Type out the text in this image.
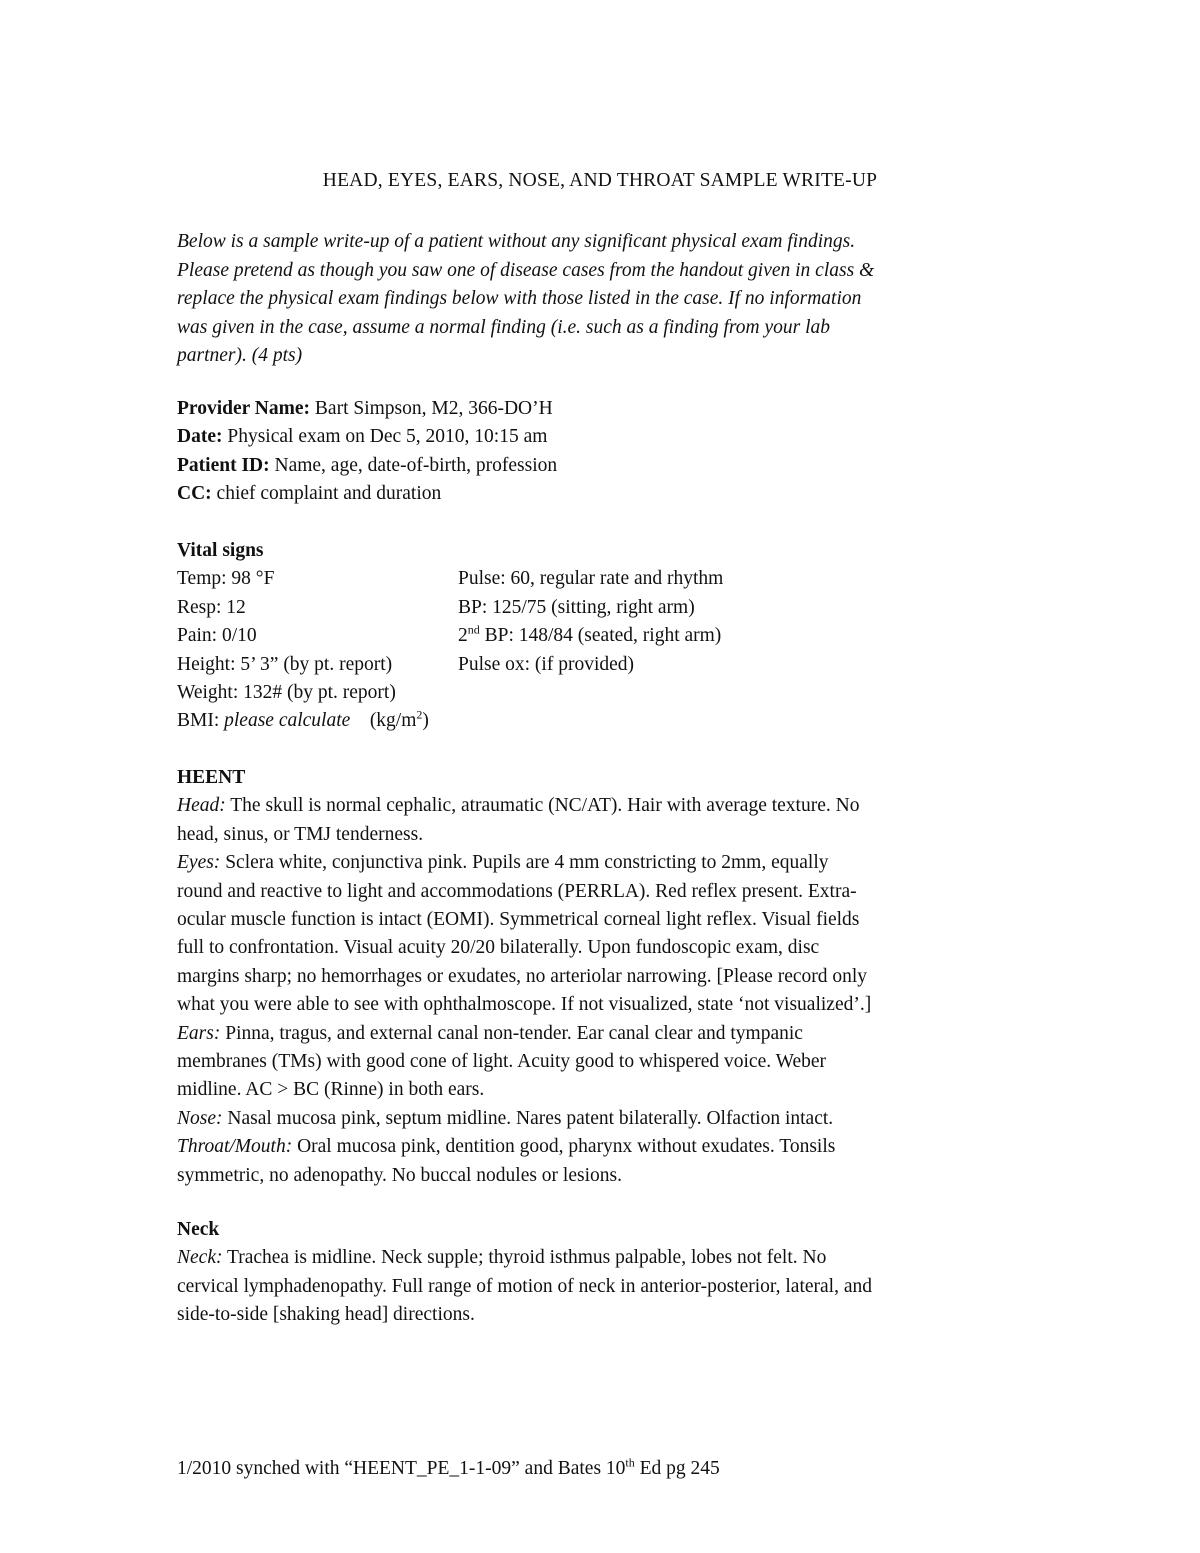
HEAD, EYES, EARS, NOSE, AND THROAT SAMPLE WRITE-UP
Below is a sample write-up of a patient without any significant physical exam findings.
Please pretend as though you saw one of disease cases from the handout given in class &
replace the physical exam findings below with those listed in the case. If no information
was given in the case, assume a normal finding (i.e. such as a finding from your lab
partner). (4 pts)
Provider Name: Bart Simpson, M2, 366-DO’H
Date: Physical exam on Dec 5, 2010, 10:15 am
Patient ID: Name, age, date-of-birth, profession
CC: chief complaint and duration
Vital signs
Temp: 98 °F	Pulse: 60, regular rate and rhythm
Resp: 12	BP: 125/75 (sitting, right arm)
Pain: 0/10	2nd BP: 148/84 (seated, right arm)
Height: 5’ 3” (by pt. report)	Pulse ox: (if provided)
Weight: 132# (by pt. report)
BMI: please calculate    $(kg/m^2)$
HEENT
Head: The skull is normal cephalic, atraumatic (NC/AT). Hair with average texture. No
head, sinus, or TMJ tenderness.
Eyes: Sclera white, conjunctiva pink. Pupils are 4 mm constricting to 2mm, equally
round and reactive to light and accommodations (PERRLA). Red reflex present. Extra-
ocular muscle function is intact (EOMI). Symmetrical corneal light reflex. Visual fields
full to confrontation. Visual acuity 20/20 bilaterally. Upon fundoscopic exam, disc
margins sharp; no hemorrhages or exudates, no arteriolar narrowing. [Please record only
what you were able to see with ophthalmoscope. If not visualized, state ‘not visualized’.]
Ears: Pinna, tragus, and external canal non-tender. Ear canal clear and tympanic
membranes (TMs) with good cone of light. Acuity good to whispered voice. Weber
midline. AC > BC (Rinne) in both ears.
Nose: Nasal mucosa pink, septum midline. Nares patent bilaterally. Olfaction intact.
Throat/Mouth: Oral mucosa pink, dentition good, pharynx without exudates. Tonsils
symmetric, no adenopathy. No buccal nodules or lesions.
Neck
Neck: Trachea is midline. Neck supple; thyroid isthmus palpable, lobes not felt. No
cervical lymphadenopathy. Full range of motion of neck in anterior-posterior, lateral, and
side-to-side [shaking head] directions.
1/2010 synched with “HEENT_PE_1-1-09” and Bates 10th Ed pg 245
